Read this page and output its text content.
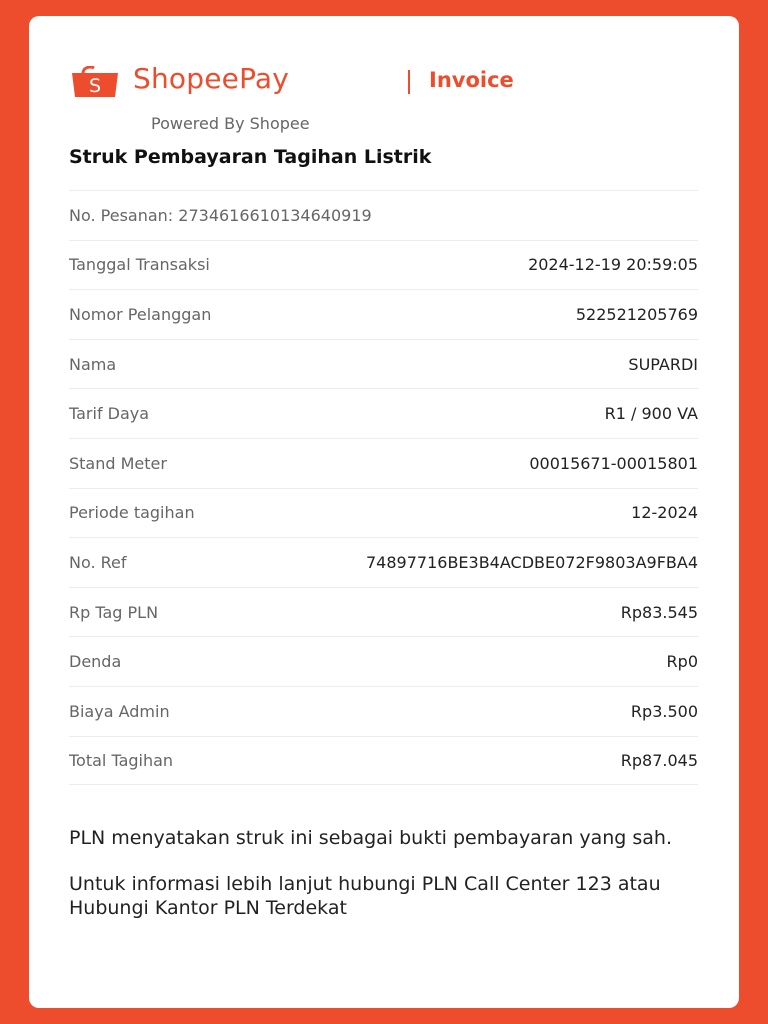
S ShopeePay	Invoice
Powered By Shopee
Struk Pembayaran Tagihan Listrik
No. Pesanan: 2734616610134640919
Tanggal Transaksi	2024-12-19 20:59:05
Nomor Pelanggan	522521205769
Nama	SUPARDI
Tarif Daya	R1 / 900 VA
Stand Meter	00015671-00015801
Periode tagihan	12-2024
No. Ref	74897716BE3B4ACDBE072F9803A9FBA4
Rp Tag PLN	Rp83.545
Denda	Rp0
Biaya Admin	Rp3.500
Total Tagihan	Rp87.045

PLN menyatakan struk ini sebagai bukti pembayaran yang sah.

Untuk informasi lebih lanjut hubungi PLN Call Center 123 atau Hubungi Kantor PLN Terdekat
